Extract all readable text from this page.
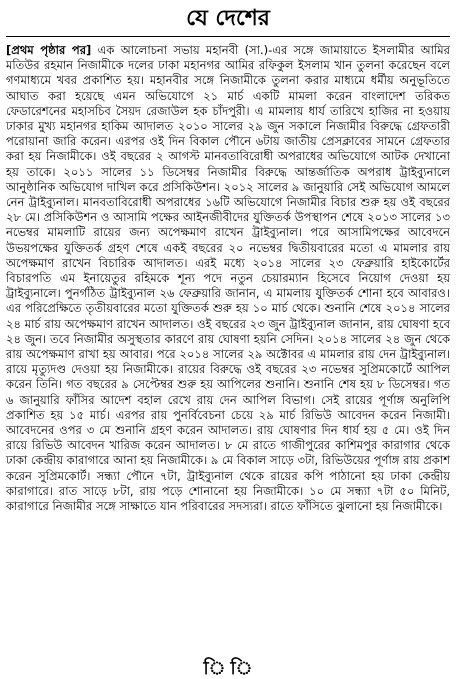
যে দেশের
[প্রথম পৃষ্ঠার পর] এক আলোচনা সভায় মহানবী (সা.)-এর সঙ্গে জামায়াতে ইসলামীর আমির মতিউর রহমান নিজামীকে দলের ঢাকা মহানগর আমির রফিকুল ইসলাম খান তুলনা করেছেন বলে গণমাধ্যমে খবর প্রকাশিত হয়। মহানবীর সঙ্গে নিজামীকে তুলনা করার মাধ্যমে ধর্মীয় অনুভূতিতে আঘাত করা হয়েছে এমন অভিযোগে ২১ মার্চ একটি মামলা করেন বাংলাদেশ তরিকত ফেডারেশনের মহাসচিব সৈয়দ রেজাউল হক চাঁদপুরী। এ মামলায় ধার্য তারিখে হাজির না হওয়ায় ঢাকার মুখ্য মহানগর হাকিম আদালত ২০১০ সালের ২৯ জুন সকালে নিজামীর বিরুদ্ধে গ্রেফতারী পরোয়ানা জারি করেন। এরপর ওই দিন বিকাল পৌনে ৬টায় জাতীয় প্রেসক্লাবের সামনে গ্রেফতার করা হয় নিজামীকে। ওই বছরের ২ আগস্ট মানবতাবিরোধী অপরাধের অভিযোগে আটক দেখানো হয় তাকে। ২০১১ সালের ১১ ডিসেম্বর নিজামীর বিরুদ্ধে আন্তর্জাতিক অপরাধ ট্রাইব্যুনালে আনুষ্ঠানিক অভিযোগ দাখিল করে প্রসিকিউশন। ২০১২ সালের ৯ জানুয়ারি সেই অভিযোগ আমলে নেন ট্রাইব্যুনাল। মানবতাবিরোধী অপরাধের ১৬টি অভিযোগে নিজামীর বিচার শুরু হয় ওই বছরের ২৮ মে। প্রসিকিউশন ও আসামি পক্ষের আইনজীবীদের যুক্তিতর্ক উপস্থাপন শেষে ২০১৩ সালের ১৩ নভেম্বর মামলাটি রায়ের জন্য অপেক্ষমাণ রাখেন ট্রাইব্যুনাল। পরে আসামিপক্ষের আবেদনে উভয়পক্ষের যুক্তিতর্ক গ্রহণ শেষে একই বছরের ২০ নভেম্বর দ্বিতীয়বারের মতো এ মামলার রায় অপেক্ষমাণ রাখেন বিচারিক আদালত। এরই মধ্যে ২০১৪ সালের ২৩ ফেব্রুয়ারি হাইকোর্টের বিচারপতি এম ইনায়েতুর রহিমকে শূন্য পদে নতুন চেয়ারম্যান হিসেবে নিয়োগ দেওয়া হয় ট্রাইব্যুনালে। পুনর্গঠিত ট্রাইব্যুনাল ২৬ ফেব্রুয়ারি জানান, এ মামলায় যুক্তিতর্ক শোনা হবে আবারও। এর পরিপ্রেক্ষিতে তৃতীয়বারের মতো যুক্তিতর্ক শুরু হয় ১০ মার্চ থেকে। শুনানি শেষে ২০১৪ সালের ২৪ মার্চ রায় অপেক্ষমাণ রাখেন আদালত। ওই বছরের ২৩ জুন ট্রাইব্যুনাল জানান, রায় ঘোষণা হবে ২৪ জুন। তবে নিজামীর অসুস্থতার কারণে রায় ঘোষণা হয়নি সেদিন। ২০১৪ সালের ২৪ জুন থেকে রায় অপেক্ষমাণ রাখা হয় আবার। পরে ২০১৪ সালের ২৯ অক্টোবর এ মামলার রায় দেন ট্রাইব্যুনাল। রায়ে মৃত্যুদণ্ড দেওয়া হয় নিজামীকে। রায়ের বিরুদ্ধে ওই বছরের ২৩ নভেম্বর সুপ্রিমকোর্টে আপিল করেন তিনি। গত বছরের ৯ সেপ্টেম্বর শুরু হয় আপিলের শুনানি। শুনানি শেষ হয় ৮ ডিসেম্বর। গত ৬ জানুয়ারি ফাঁসির আদেশ বহাল রেখে রায় দেন আপিল বিভাগ। সেই রায়ের পূর্ণাঙ্গ অনুলিপি প্রকাশিত হয় ১৫ মার্চ। এরপর রায় পুনর্বিবেচনা চেয়ে ২৯ মার্চ রিভিউ আবেদন করেন নিজামী। আবেদনের ওপর ৩ মে শুনানি গ্রহণ করেন আদালত। রায় ঘোষণার দিন ধার্য হয় ৫ মে। ওই দিন রায়ে রিভিউ আবেদন খারিজ করেন আদালত। ৮ মে রাতে গাজীপুরের কাশিমপুর কারাগার থেকে ঢাকা কেন্দ্রীয় কারাগারে আনা হয় নিজামীকে। ৯ মে বিকাল সাড়ে ৩টা, রিভিউয়ের পূর্ণাঙ্গ রায় প্রকাশ করেন সুপ্রিমকোর্ট। সন্ধ্যা পৌনে ৭টা, ট্রাইব্যুনাল থেকে রায়ের কপি পাঠানো হয় ঢাকা কেন্দ্রীয় কারাগারে। রাত সাড়ে ৮টা, রায় পড়ে শোনানো হয় নিজামীকে। ১০ মে সন্ধ্যা ৭টা ৫০ মিনিট, কারাগারে নিজামীর সঙ্গে সাক্ষাতে যান পরিবারের সদস্যরা। রাতে ফাঁসিতে ঝুলানো হয় নিজামীকে।
ি ি
